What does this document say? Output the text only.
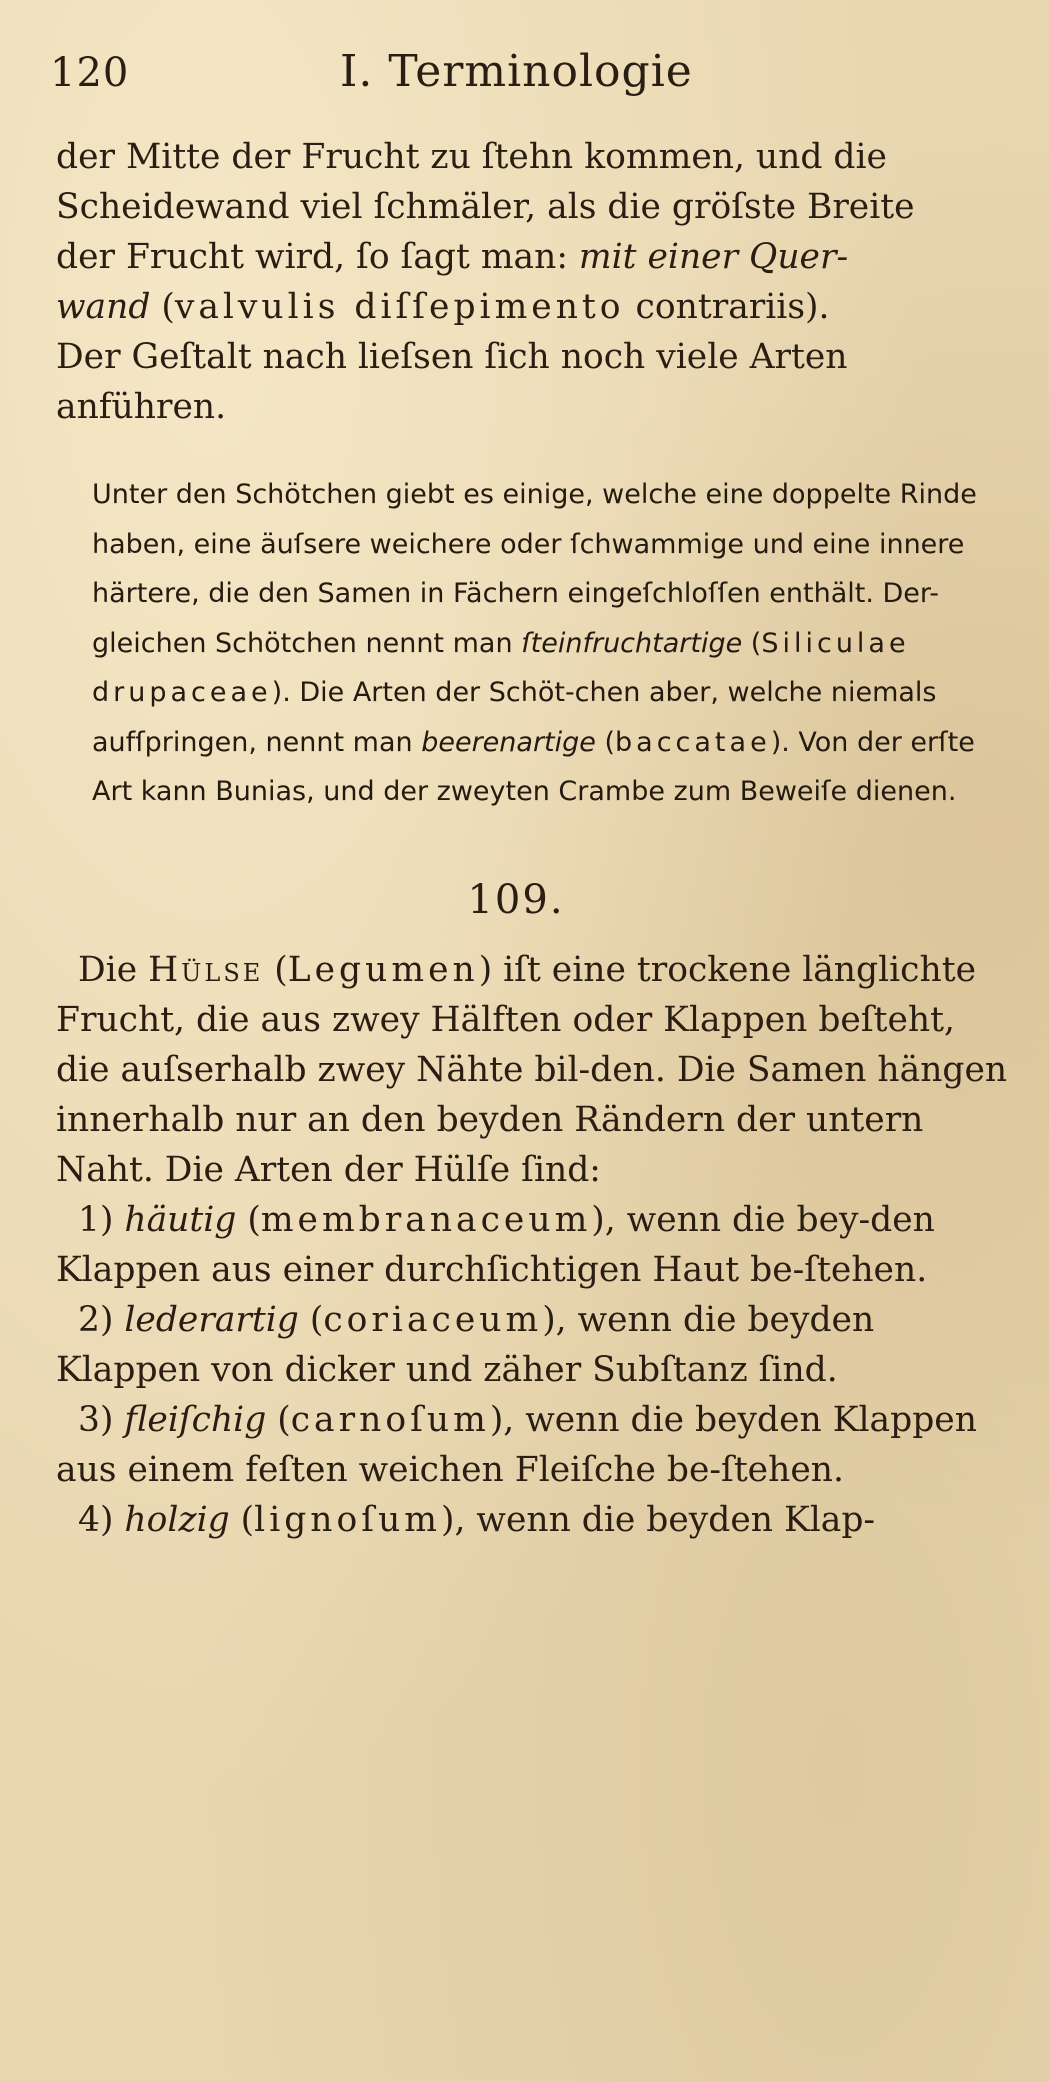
120	I. Terminologie

der Mitte der Frucht zu ſtehn kommen, und die
Scheidewand viel ſchmäler, als die gröſste Breite
der Frucht wird, ſo ſagt man: mit einer Quer-
wand (valvulis diſſepimento contrariis).
Der Geſtalt nach lieſsen ſich noch viele Arten
anführen.

Unter den Schötchen giebt es einige, welche eine doppelte Rinde haben, eine äuſsere weichere oder ſchwammige und eine innere härtere, die den Samen in Fächern eingeſchloſſen enthält. Der-gleichen Schötchen nennt man ſteinfruchtartige (Siliculae drupaceae). Die Arten der Schöt-chen aber, welche niemals aufſpringen, nennt man beerenartige (baccatae). Von der erſte Art kann Bunias, und der zweyten Crambe zum Beweiſe dienen.

109.

Die Hülse (Legumen) iſt eine trockene länglichte Frucht, die aus zwey Hälften oder Klappen beſteht, die auſserhalb zwey Nähte bil-den. Die Samen hängen innerhalb nur an den beyden Rändern der untern Naht. Die Arten der Hülſe ſind:

1) häutig (membranaceum), wenn die bey-den Klappen aus einer durchſichtigen Haut be-ſtehen.

2) lederartig (coriaceum), wenn die beyden Klappen von dicker und zäher Subſtanz ſind.

3) fleiſchig (carnoſum), wenn die beyden Klappen aus einem feſten weichen Fleiſche be-ſtehen.

4) holzig (lignoſum), wenn die beyden Klap-
